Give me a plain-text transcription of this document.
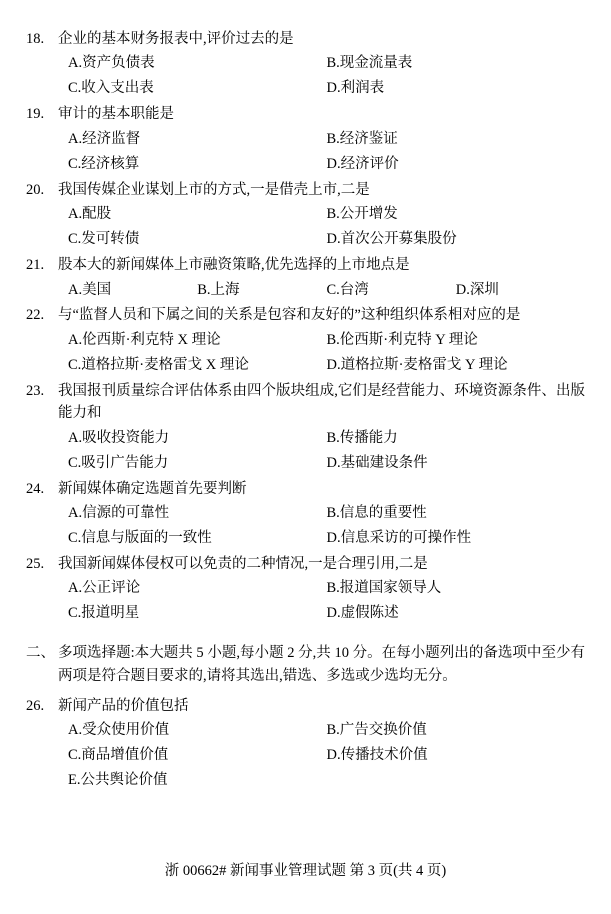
18. 企业的基本财务报表中,评价过去的是
A.资产负债表	B.现金流量表
C.收入支出表	D.利润表
19. 审计的基本职能是
A.经济监督	B.经济鉴证
C.经济核算	D.经济评价
20. 我国传媒企业谋划上市的方式,一是借壳上市,二是
A.配股	B.公开增发
C.发可转债	D.首次公开募集股份
21. 股本大的新闻媒体上市融资策略,优先选择的上市地点是
A.美国	B.上海	C.台湾	D.深圳
22. 与“监督人员和下属之间的关系是包容和友好的”这种组织体系相对应的是
A.伦西斯·利克特 X 理论	B.伦西斯·利克特 Y 理论
C.道格拉斯·麦格雷戈 X 理论	D.道格拉斯·麦格雷戈 Y 理论
23. 我国报刊质量综合评估体系由四个版块组成,它们是经营能力、环境资源条件、出版能力和
A.吸收投资能力	B.传播能力
C.吸引广告能力	D.基础建设条件
24. 新闻媒体确定选题首先要判断
A.信源的可靠性	B.信息的重要性
C.信息与版面的一致性	D.信息采访的可操作性
25. 我国新闻媒体侵权可以免责的二种情况,一是合理引用,二是
A.公正评论	B.报道国家领导人
C.报道明星	D.虚假陈述
二、 多项选择题:本大题共 5 小题,每小题 2 分,共 10 分。在每小题列出的备选项中至少有两项是符合题目要求的,请将其选出,错选、多选或少选均无分。
26. 新闻产品的价值包括
A.受众使用价值	B.广告交换价值
C.商品增值价值	D.传播技术价值
E.公共舆论价值
浙 00662# 新闻事业管理试题 第 3 页(共 4 页)
